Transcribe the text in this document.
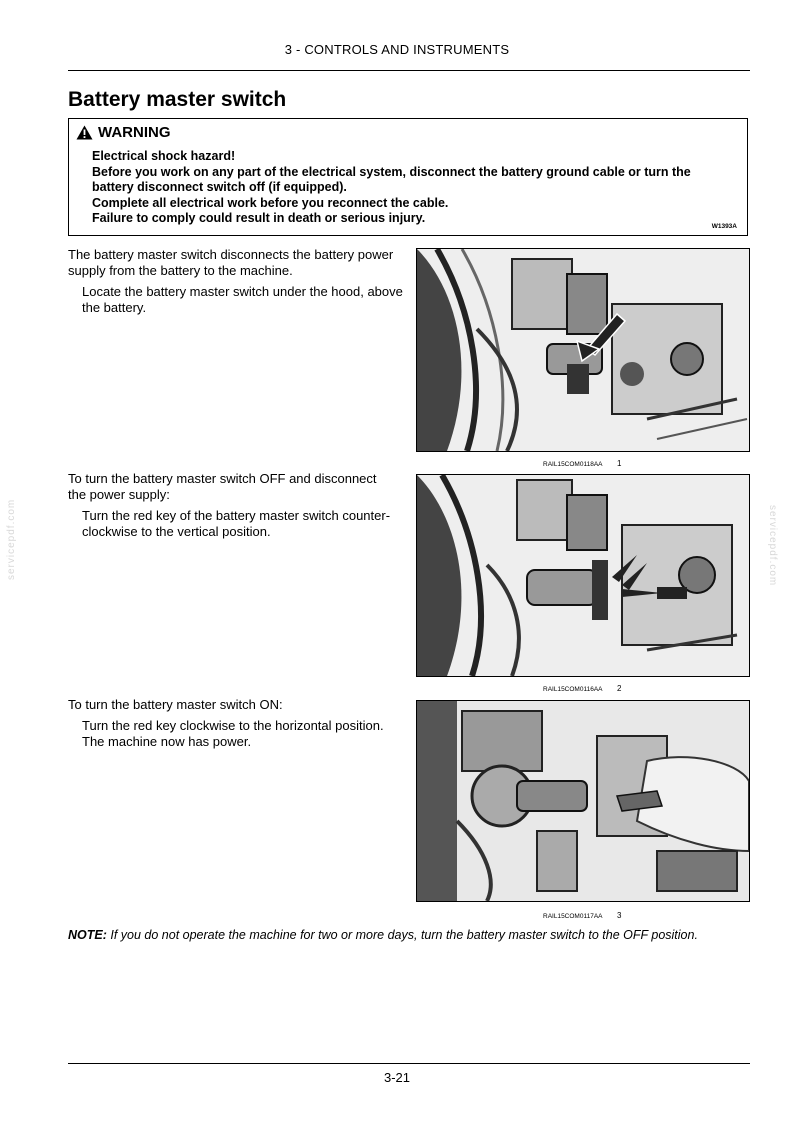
3 - CONTROLS AND INSTRUMENTS
Battery master switch
WARNING
Electrical shock hazard!
Before you work on any part of the electrical system, disconnect the battery ground cable or turn the
battery disconnect switch off (if equipped).
Complete all electrical work before you reconnect the cable.
Failure to comply could result in death or serious injury.
W1393A
The battery master switch disconnects the battery power
supply from the battery to the machine.
Locate the battery master switch under the hood, above
the battery.
RAIL15COM0118AA 1
To turn the battery master switch OFF and disconnect
the power supply:
Turn the red key of the battery master switch counter-
clockwise to the vertical position.
RAIL15COM0116AA 2
To turn the battery master switch ON:
Turn the red key clockwise to the horizontal position.
The machine now has power.
RAIL15COM0117AA 3
NOTE: If you do not operate the machine for two or more days, turn the battery master switch to the OFF position.
servicepdf.com	servicepdf.com
3-21
